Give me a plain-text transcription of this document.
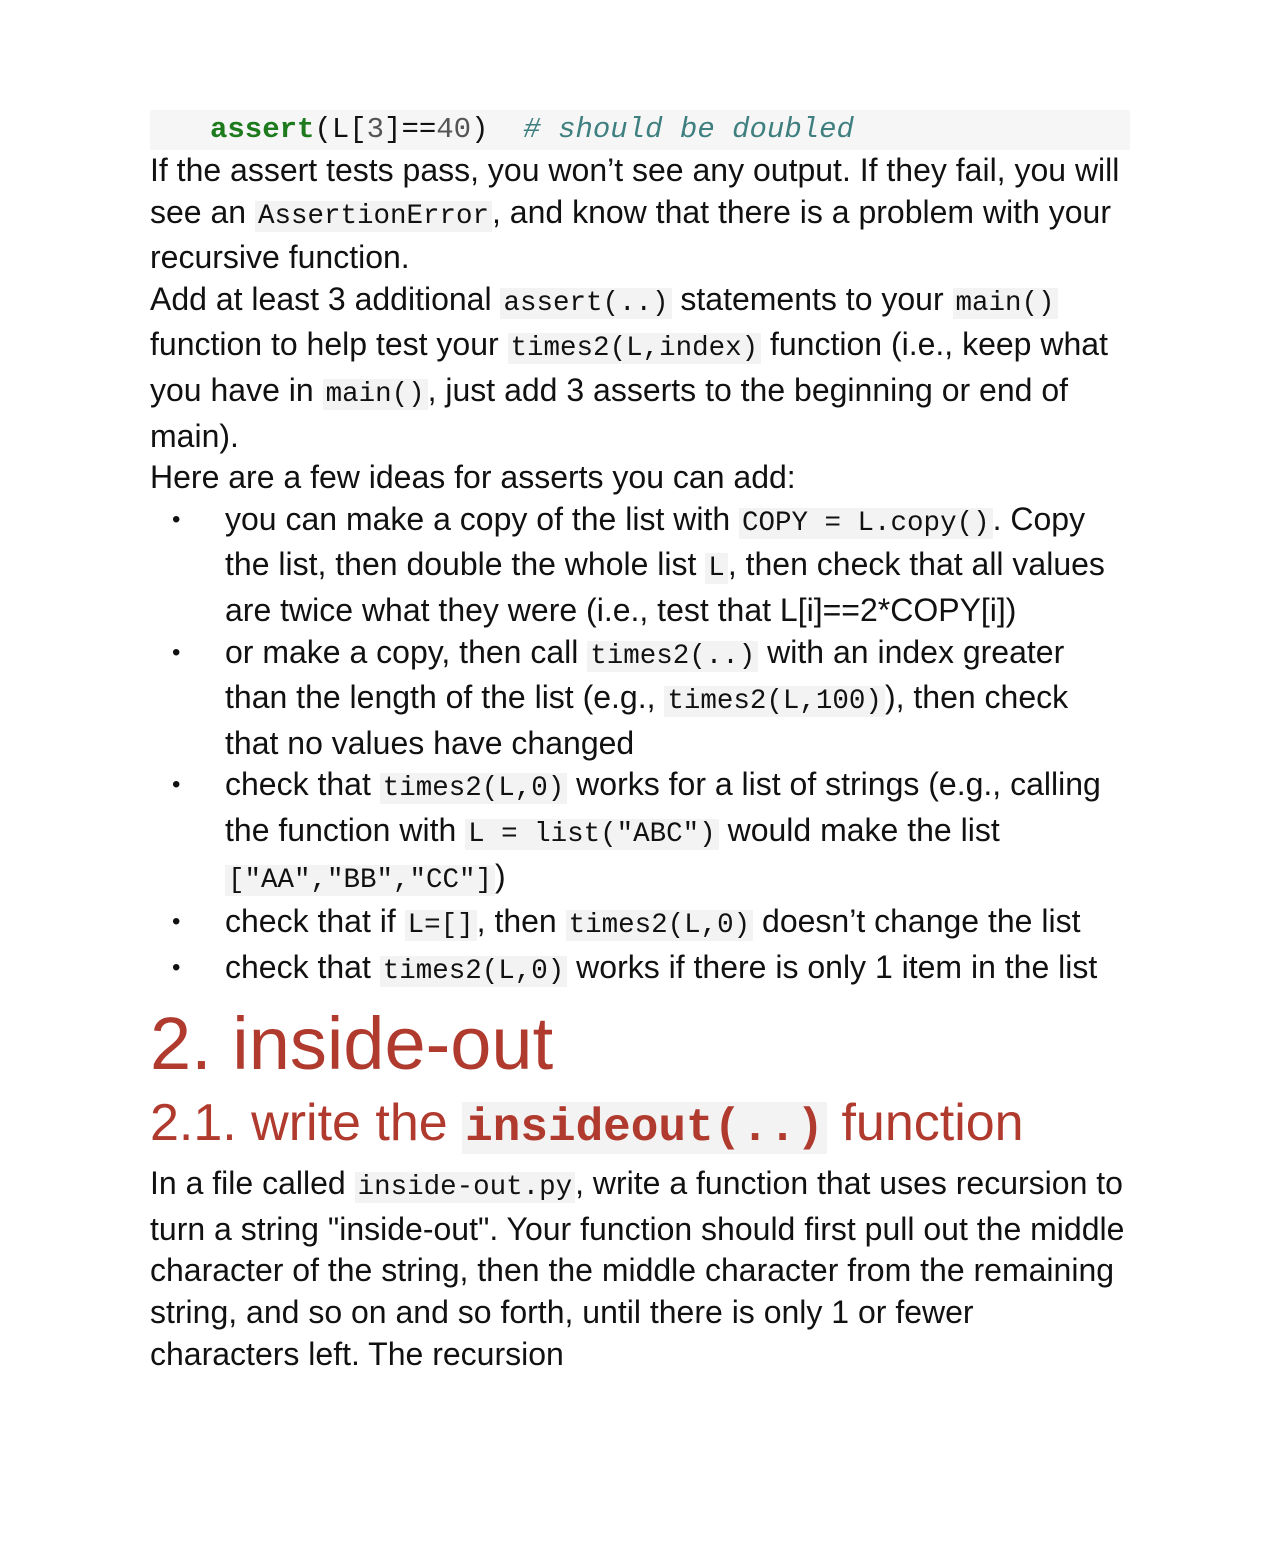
assert(L[3]==40) # should be doubled

If the assert tests pass, you won’t see any output. If they fail, you will see an AssertionError, and know that there is a problem with your recursive function.

Add at least 3 additional assert(..) statements to your main() function to help test your times2(L,index) function (i.e., keep what you have in main(), just add 3 asserts to the beginning or end of main).

Here are a few ideas for asserts you can add:

• you can make a copy of the list with COPY = L.copy(). Copy the list, then double the whole list L, then check that all values are twice what they were (i.e., test that L[i]==2*COPY[i])
• or make a copy, then call times2(..) with an index greater than the length of the list (e.g., times2(L,100)), then check that no values have changed
• check that times2(L,0) works for a list of strings (e.g., calling the function with L = list("ABC") would make the list ["AA","BB","CC"])
• check that if L=[], then times2(L,0) doesn’t change the list
• check that times2(L,0) works if there is only 1 item in the list
2. inside-out
2.1. write the insideout(..) function

In a file called inside-out.py, write a function that uses recursion to turn a string "inside-out". Your function should first pull out the middle character of the string, then the middle character from the remaining string, and so on and so forth, until there is only 1 or fewer characters left. The recursion
